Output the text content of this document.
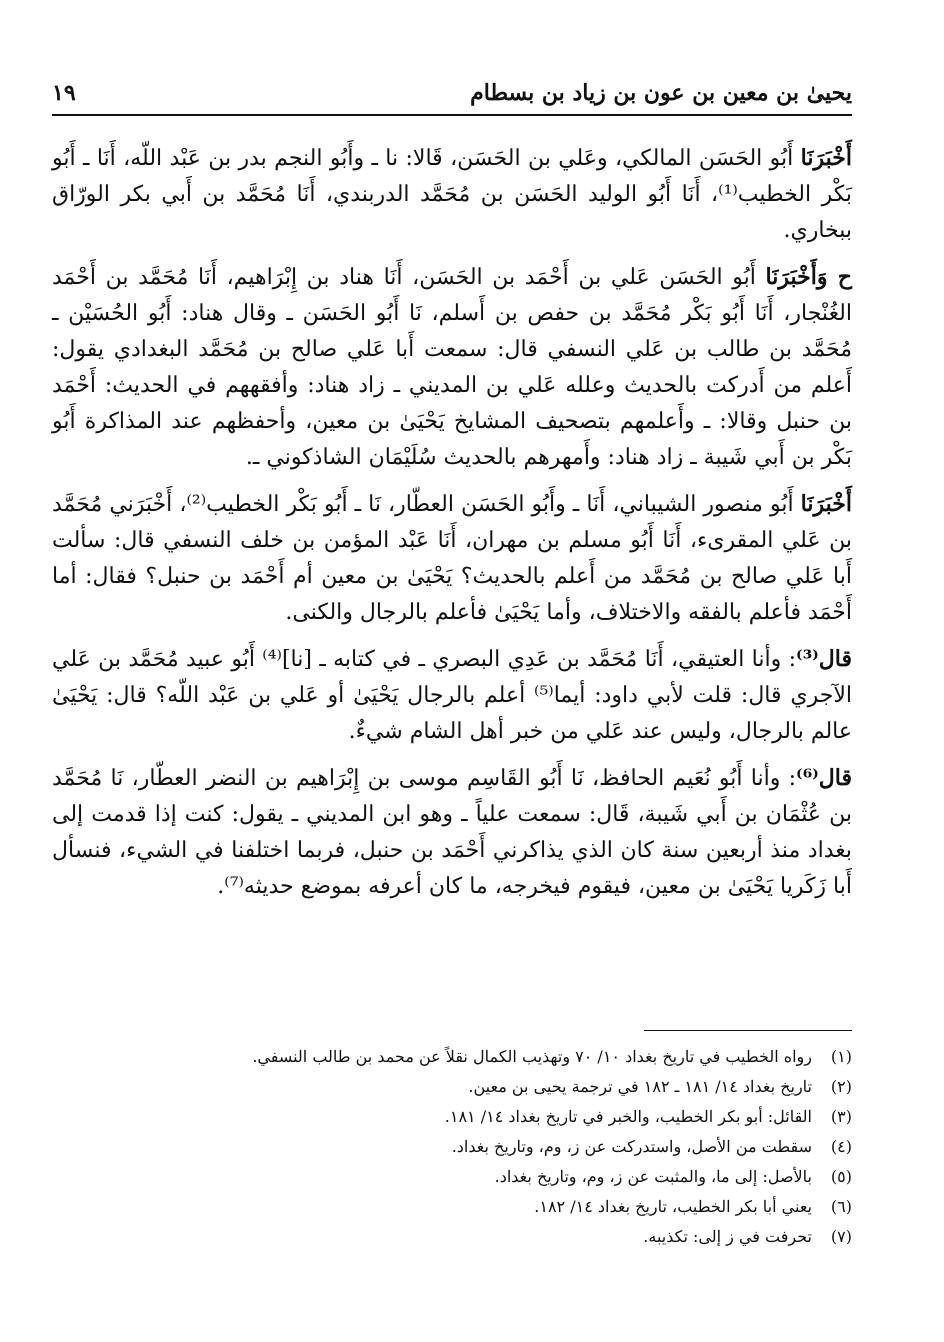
يحيىٰ بن معين بن عون بن زياد بن بسطام
١٩

أَخْبَرَنَا أَبُو الحَسَن المالكي، وعَلي بن الحَسَن، قَالا: نا ـ وأَبُو النجم بدر بن عَبْد اللّه، أَنَا ـ أَبُو بَكْر الخطيب⁽¹⁾، أَنَا أَبُو الوليد الحَسَن بن مُحَمَّد الدربندي، أَنَا مُحَمَّد بن أَبي بكر الورّاق ببخاري.

ح وَأَخْبَرَنَا أَبُو الحَسَن عَلي بن أَحْمَد بن الحَسَن، أَنَا هناد بن إِبْرَاهيم، أَنَا مُحَمَّد بن أَحْمَد الغُنْجار، أَنَا أَبُو بَكْر مُحَمَّد بن حفص بن أَسلم، نَا أَبُو الحَسَن ـ وقال هناد: أَبُو الحُسَيْن ـ مُحَمَّد بن طالب بن عَلي النسفي قال: سمعت أَبا عَلي صالح بن مُحَمَّد البغدادي يقول: أَعلم من أَدركت بالحديث وعلله عَلي بن المديني ـ زاد هناد: وأفقههم في الحديث: أَحْمَد بن حنبل وقالا: ـ وأَعلمهم بتصحيف المشايخ يَحْيَىٰ بن معين، وأحفظهم عند المذاكرة أَبُو بَكْر بن أَبي شَيبة ـ زاد هناد: وأَمهرهم بالحديث سُلَيْمَان الشاذكوني ـ.

أَخْبَرَنَا أَبُو منصور الشيباني، أَنَا ـ وأَبُو الحَسَن العطّار، نَا ـ أَبُو بَكْر الخطيب⁽²⁾، أَخْبَرَني مُحَمَّد بن عَلي المقرىء، أَنَا أَبُو مسلم بن مهران، أَنَا عَبْد المؤمن بن خلف النسفي قال: سألت أَبا عَلي صالح بن مُحَمَّد من أَعلم بالحديث؟ يَحْيَىٰ بن معين أم أَحْمَد بن حنبل؟ فقال: أما أَحْمَد فأعلم بالفقه والاختلاف، وأما يَحْيَىٰ فأعلم بالرجال والكنى.

قال⁽³⁾: وأنا العتيقي، أَنَا مُحَمَّد بن عَدِي البصري ـ في كتابه ـ [نا]⁽⁴⁾ أَبُو عبيد مُحَمَّد بن عَلي الآجري قال: قلت لأبي داود: أيما⁽⁵⁾ أعلم بالرجال يَحْيَىٰ أو عَلي بن عَبْد اللّه؟ قال: يَحْيَىٰ عالم بالرجال، وليس عند عَلي من خبر أهل الشام شيءٌ.

قال⁽⁶⁾: وأنا أَبُو نُعَيم الحافظ، نَا أَبُو القَاسِم موسى بن إِبْرَاهيم بن النضر العطّار، نَا مُحَمَّد بن عُثْمَان بن أَبي شَيبة، قَال: سمعت علياً ـ وهو ابن المديني ـ يقول: كنت إذا قدمت إلى بغداد منذ أربعين سنة كان الذي يذاكرني أَحْمَد بن حنبل، فربما اختلفنا في الشيء، فنسأل أَبا زَكَريا يَحْيَىٰ بن معين، فيقوم فيخرجه، ما كان أعرفه بموضع حديثه⁽⁷⁾.

(١)
رواه الخطيب في تاريخ بغداد ١٠/ ٧٠ وتهذيب الكمال نقلاً عن محمد بن طالب النسفي.
(٢)
تاريخ بغداد ١٤/ ١٨١ ـ ١٨٢ في ترجمة يحيى بن معين.
(٣)
القائل: أبو بكر الخطيب، والخبر في تاريخ بغداد ١٤/ ١٨١.
(٤)
سقطت من الأصل، واستدركت عن ز، وم، وتاريخ بغداد.
(٥)
بالأصل: إلى ما، والمثبت عن ز، وم، وتاريخ بغداد.
(٦)
يعني أبا بكر الخطيب، تاريخ بغداد ١٤/ ١٨٢.
(٧)
تحرفت في ز إلى: تكذيبه.
